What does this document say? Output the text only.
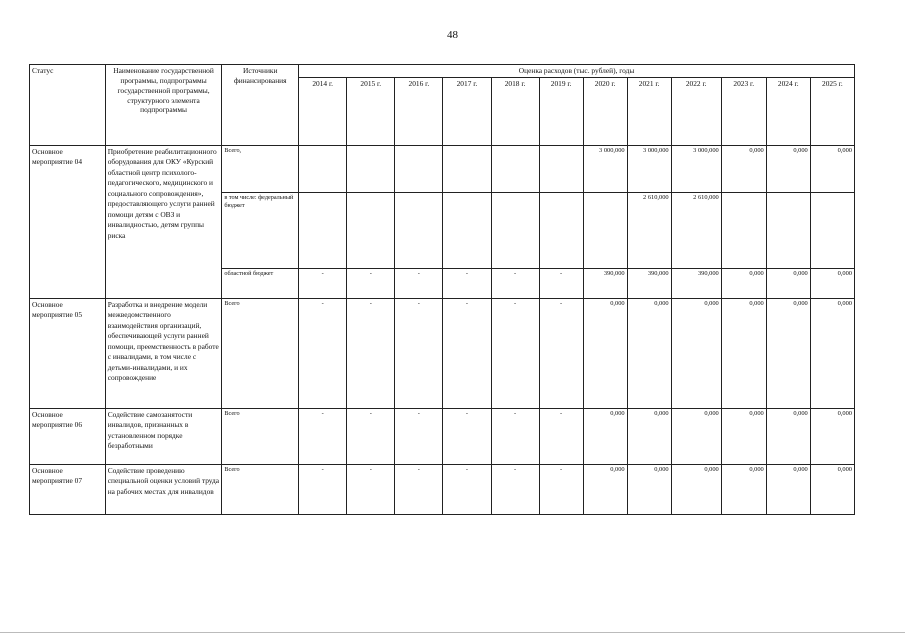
48
Статус	Наименование государственной программы, подпрограммы государственной программы, структурного элемента подпрограммы	Источники финансирования	Оценка расходов (тыс. рублей), годы											
			2014 г.	2015 г.	2016 г.	2017 г.	2018 г.	2019 г.	2020 г.	2021 г.	2022 г.	2023 г.	2024 г.	2025 г.
Основное мероприятие 04	Приобретение реабилитационного оборудования для ОКУ «Курский областной центр психолого-педагогического, медицинского и социального сопровождения», предоставляющего услуги ранней помощи детям с ОВЗ и инвалидностью, детям группы риска	Всего,							3 000,000	3 000,000	3 000,000	0,000	0,000	0,000
		в том числе: федеральный бюджет								2 610,000	2 610,000			
		областной бюджет	-	-	-	-	-	-	390,000	390,000	390,000	0,000	0,000	0,000
Основное мероприятие 05	Разработка и внедрение модели межведомственного взаимодействия организаций, обеспечивающей услуги ранней помощи, преемственность в работе с инвалидами, в том числе с детьми-инвалидами, и их сопровождение	Всего	-	-	-	-	-	-	0,000	0,000	0,000	0,000	0,000	0,000
Основное мероприятие 06	Содействие самозанятости инвалидов, признанных в установленном порядке безработными	Всего	-	-	-	-	-	-	0,000	0,000	0,000	0,000	0,000	0,000
Основное мероприятие 07	Содействие проведению специальной оценки условий труда на рабочих местах для инвалидов	Всего	-	-	-	-	-	-	0,000	0,000	0,000	0,000	0,000	0,000
